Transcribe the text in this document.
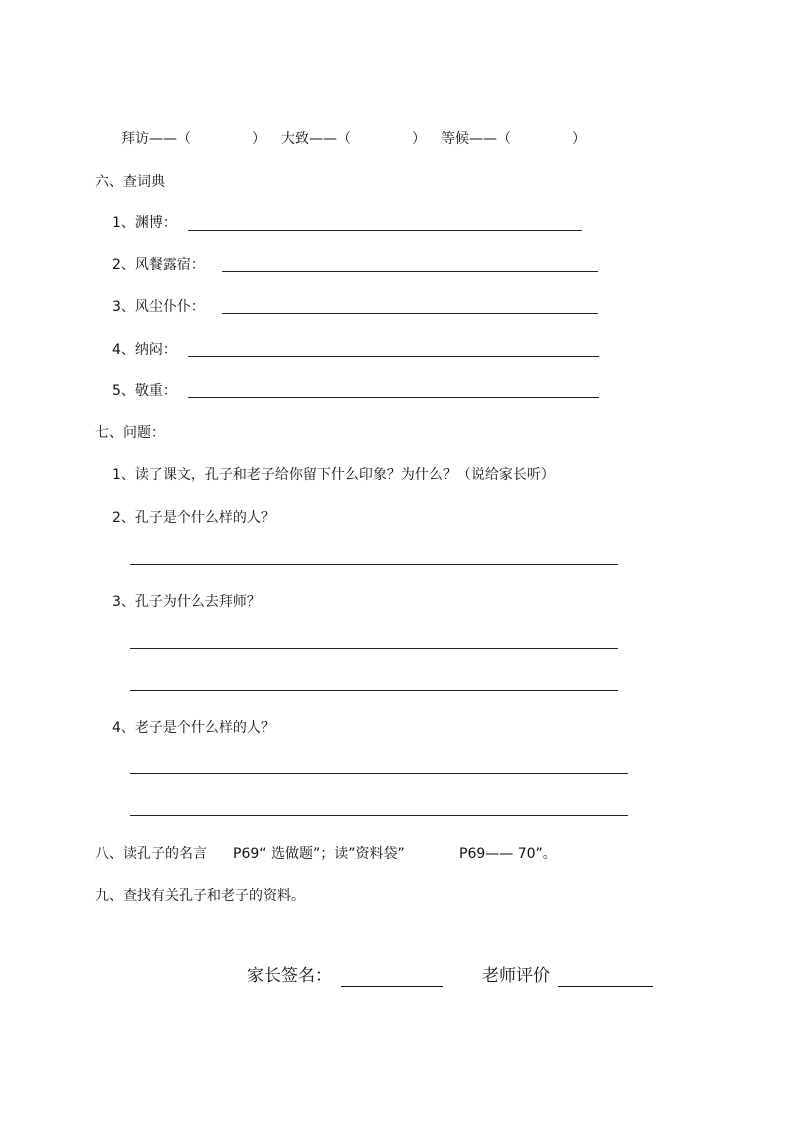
拜访——（	） 大致——（	） 等候——（	）
六、查词典
1、渊博：
2、风餐露宿：
3、风尘仆仆：
4、纳闷：
5、敬重：
七、问题：
1、读了课文，孔子和老子给你留下什么印象？为什么？（说给家长听）
2、孔子是个什么样的人？
3、孔子为什么去拜师？
4、老子是个什么样的人？
八、读孔子的名言 P69“ 选做题”；读”资料袋”	P69—— 70”。
九、查找有关孔子和老子的资料。
家长签名：	老师评价
